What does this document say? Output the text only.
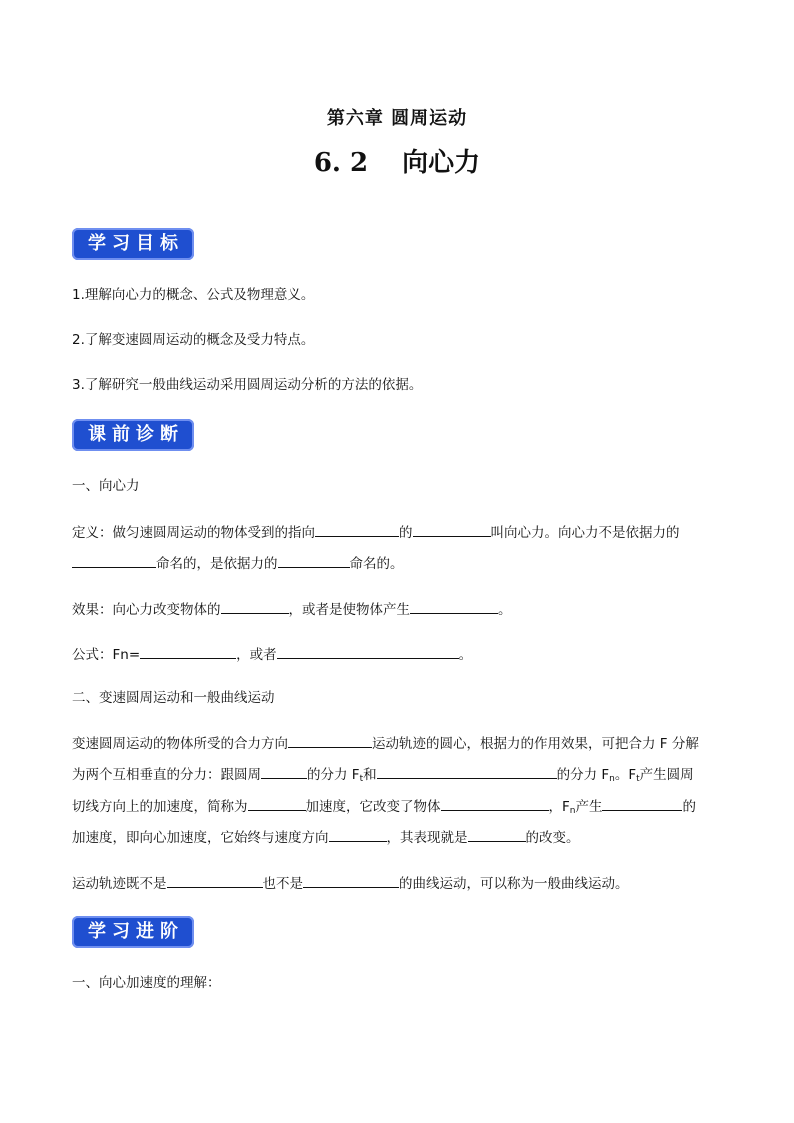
第六章 圆周运动
6. 2 向心力
学习目标
1.理解向心力的概念、公式及物理意义。
2.了解变速圆周运动的概念及受力特点。
3.了解研究一般曲线运动采用圆周运动分析的方法的依据。
课前诊断
一、向心力
定义：做匀速圆周运动的物体受到的指向	的	叫向心力。向心力不是依据力的
命名的，是依据力的	命名的。
效果：向心力改变物体的	，或者是使物体产生	。
公式：Fn=	，或者	。
二、变速圆周运动和一般曲线运动
变速圆周运动的物体所受的合力方向	运动轨迹的圆心，根据力的作用效果，可把合力 F 分解
为两个互相垂直的分力：跟圆周	的分力 $F_t$和	的分力 $F_n$。$F_t$产生圆周
切线方向上的加速度，简称为	加速度，它改变了物体	，$F_n$产生	的
加速度，即向心加速度，它始终与速度方向	，其表现就是	的改变。
运动轨迹既不是	也不是	的曲线运动，可以称为一般曲线运动。
学习进阶
一、向心加速度的理解：
